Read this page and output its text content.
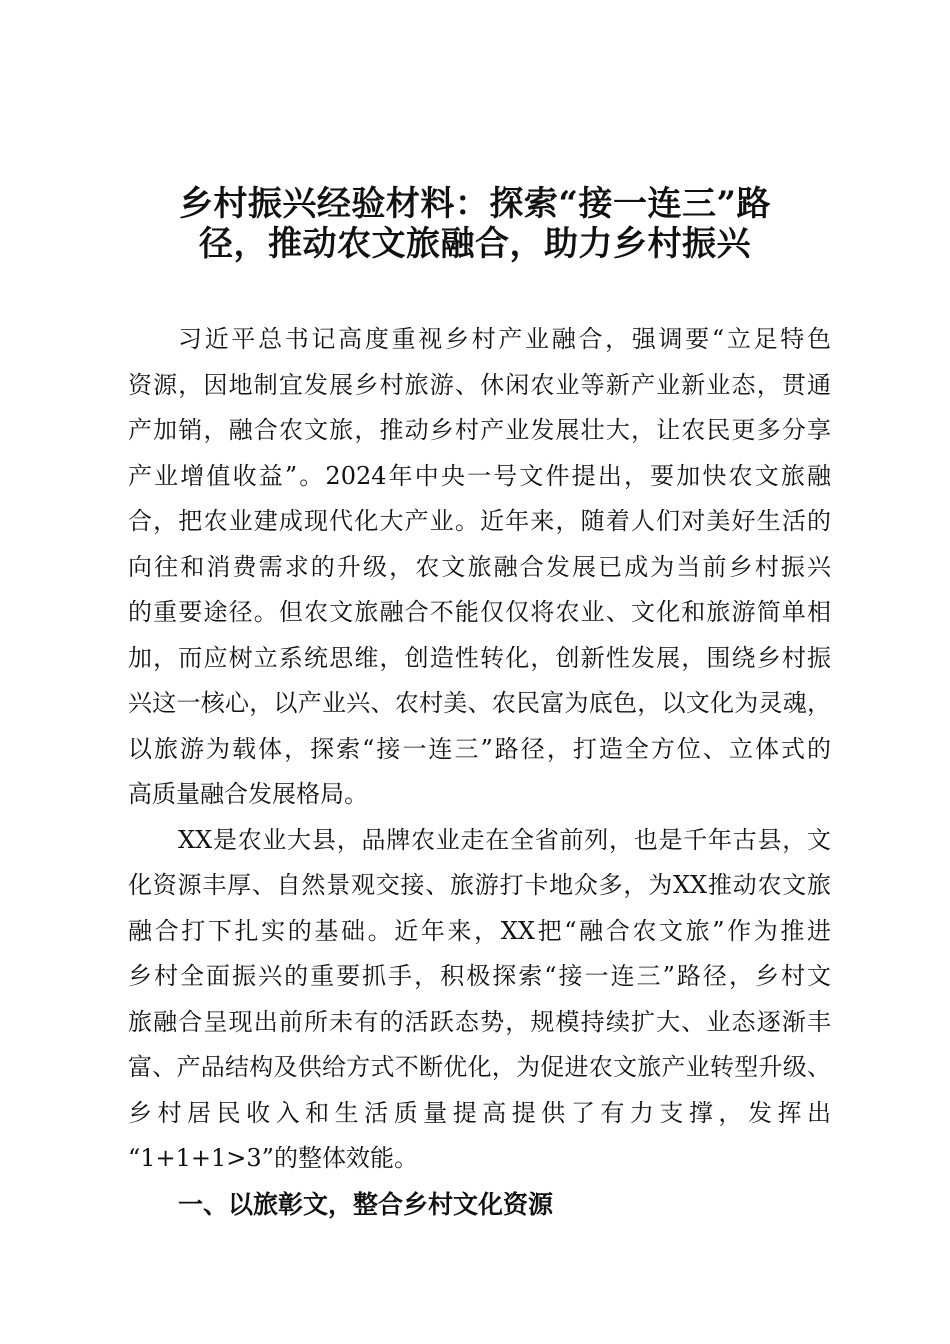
乡村振兴经验材料：探索“接一连三”路
径，推动农文旅融合，助力乡村振兴
习近平总书记高度重视乡村产业融合，强调要“立足特色
资源，因地制宜发展乡村旅游、休闲农业等新产业新业态，贯通
产加销，融合农文旅，推动乡村产业发展壮大，让农民更多分享
产业增值收益”。2024年中央一号文件提出，要加快农文旅融
合，把农业建成现代化大产业。近年来，随着人们对美好生活的
向往和消费需求的升级，农文旅融合发展已成为当前乡村振兴
的重要途径。但农文旅融合不能仅仅将农业、文化和旅游简单相
加，而应树立系统思维，创造性转化，创新性发展，围绕乡村振
兴这一核心，以产业兴、农村美、农民富为底色，以文化为灵魂，
以旅游为载体，探索“接一连三”路径，打造全方位、立体式的
高质量融合发展格局。
XX是农业大县，品牌农业走在全省前列，也是千年古县，文
化资源丰厚、自然景观交接、旅游打卡地众多，为XX推动农文旅
融合打下扎实的基础。近年来，XX把“融合农文旅”作为推进
乡村全面振兴的重要抓手，积极探索“接一连三”路径，乡村文
旅融合呈现出前所未有的活跃态势，规模持续扩大、业态逐渐丰
富、产品结构及供给方式不断优化，为促进农文旅产业转型升级、
乡村居民收入和生活质量提高提供了有力支撑，发挥出
“1+1+1>3”的整体效能。
一、以旅彰文，整合乡村文化资源
